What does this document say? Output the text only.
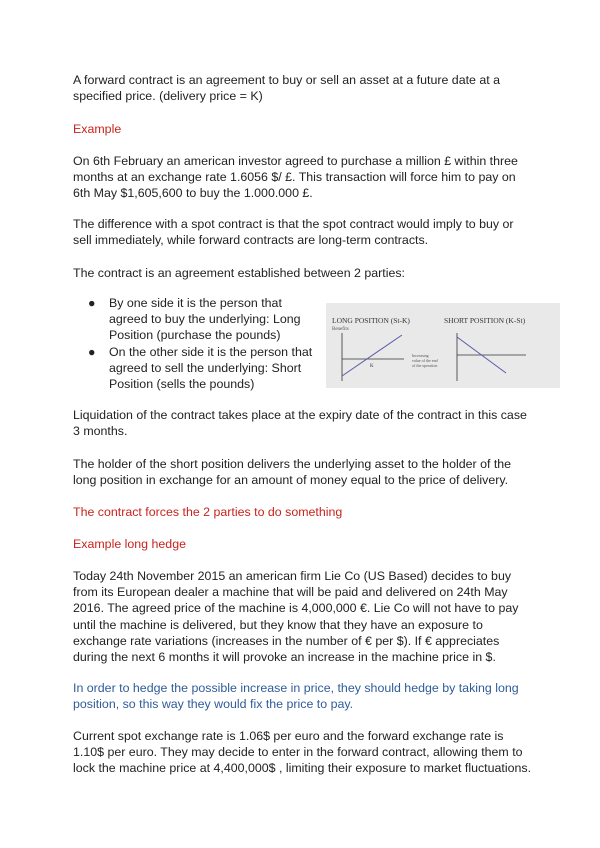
A forward contract is an agreement to buy or sell an asset at a future date at a specified price. (delivery price = K)

Example

On 6th February an american investor agreed to purchase a million £ within three months at an exchange rate 1.6056 $/ £. This transaction will force him to pay on 6th May $1,605,600 to buy the 1.000.000 £.

The difference with a spot contract is that the spot contract would imply to buy or sell immediately, while forward contracts are long-term contracts.

The contract is an agreement established between 2 parties:

● By one side it is the person that agreed to buy the underlying: Long Position (purchase the pounds)
● On the other side it is the person that agreed to sell the underlying: Short Position (sells the pounds)
LONG POSITION (St-K)
Benefits
K
Increasing
value of the end
of the operation
SHORT POSITION (K-St)

Liquidation of the contract takes place at the expiry date of the contract in this case 3 months.

The holder of the short position delivers the underlying asset to the holder of the long position in exchange for an amount of money equal to the price of delivery.

The contract forces the 2 parties to do something

Example long hedge

Today 24th November 2015 an american firm Lie Co (US Based) decides to buy from its European dealer a machine that will be paid and delivered on 24th May 2016. The agreed price of the machine is 4,000,000 €. Lie Co will not have to pay until the machine is delivered, but they know that they have an exposure to exchange rate variations (increases in the number of € per $). If € appreciates during the next 6 months it will provoke an increase in the machine price in $.

In order to hedge the possible increase in price, they should hedge by taking long position, so this way they would fix the price to pay.

Current spot exchange rate is 1.06$ per euro and the forward exchange rate is 1.10$ per euro. They may decide to enter in the forward contract, allowing them to lock the machine price at 4,400,000$ , limiting their exposure to market fluctuations.
